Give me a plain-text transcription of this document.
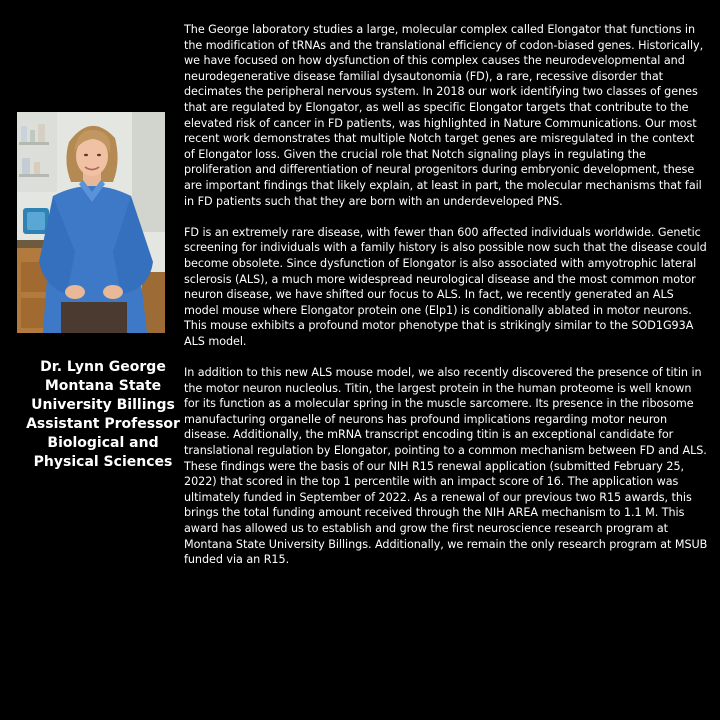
Dr. Lynn George
Montana State
University Billings
Assistant Professor
Biological and
Physical Sciences

The George laboratory studies a large, molecular complex called Elongator that functions in the modification of tRNAs and the translational efficiency of codon-biased genes. Historically, we have focused on how dysfunction of this complex causes the neurodevelopmental and neurodegenerative disease familial dysautonomia (FD), a rare, recessive disorder that decimates the peripheral nervous system. In 2018 our work identifying two classes of genes that are regulated by Elongator, as well as specific Elongator targets that contribute to the elevated risk of cancer in FD patients, was highlighted in Nature Communications. Our most recent work demonstrates that multiple Notch target genes are misregulated in the context of Elongator loss. Given the crucial role that Notch signaling plays in regulating the proliferation and differentiation of neural progenitors during embryonic development, these are important findings that likely explain, at least in part, the molecular mechanisms that fail in FD patients such that they are born with an underdeveloped PNS.

FD is an extremely rare disease, with fewer than 600 affected individuals worldwide. Genetic screening for individuals with a family history is also possible now such that the disease could become obsolete. Since dysfunction of Elongator is also associated with amyotrophic lateral sclerosis (ALS), a much more widespread neurological disease and the most common motor neuron disease, we have shifted our focus to ALS. In fact, we recently generated an ALS model mouse where Elongator protein one (Elp1) is conditionally ablated in motor neurons. This mouse exhibits a profound motor phenotype that is strikingly similar to the SOD1G93A ALS model.

In addition to this new ALS mouse model, we also recently discovered the presence of titin in the motor neuron nucleolus. Titin, the largest protein in the human proteome is well known for its function as a molecular spring in the muscle sarcomere. Its presence in the ribosome manufacturing organelle of neurons has profound implications regarding motor neuron disease. Additionally, the mRNA transcript encoding titin is an exceptional candidate for translational regulation by Elongator, pointing to a common mechanism between FD and ALS. These findings were the basis of our NIH R15 renewal application (submitted February 25, 2022) that scored in the top 1 percentile with an impact score of 16. The application was ultimately funded in September of 2022. As a renewal of our previous two R15 awards, this brings the total funding amount received through the NIH AREA mechanism to 1.1 M. This award has allowed us to establish and grow the first neuroscience research program at Montana State University Billings. Additionally, we remain the only research program at MSUB funded via an R15.
